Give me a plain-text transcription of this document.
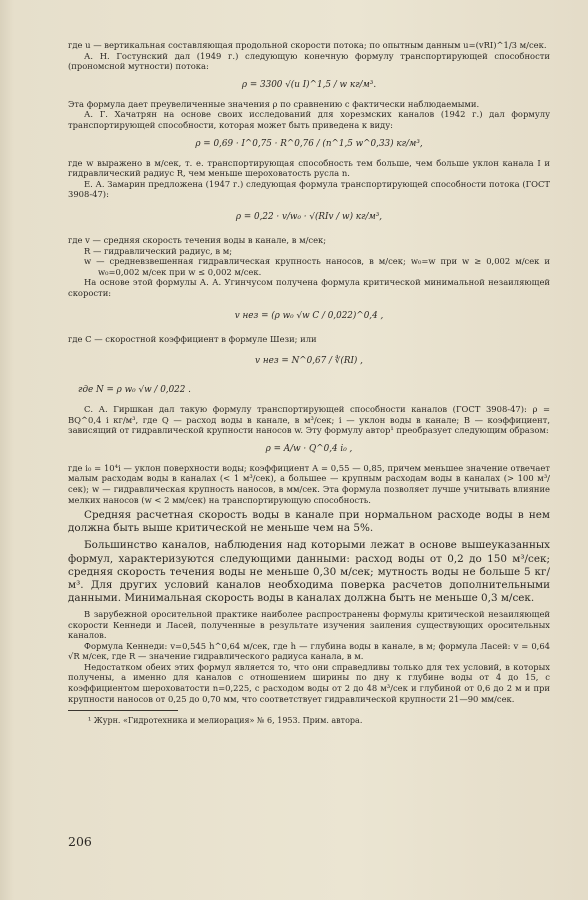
где u — вертикальная составляющая продольной скорости потока; по опытным данным u=(vRI)^1/3 м/сек.

А. Н. Гостунский дал (1949 г.) следующую конечную формулу транспортирующей способности (прономсной мутности) потока:

ρ = 3300 √(u I)^1,5 / w кг/м³.

Эта формула дает преувеличенные значения ρ по сравнению с фактически наблюдаемыми.

А. Г. Хачатрян на основе своих исследований для хорезмских каналов (1942 г.) дал формулу транспортирующей способности, которая может быть приведена к виду:

ρ = 0,69 · I^0,75 · R^0,76 / (n^1,5 w^0,33) кг/м³,

где w выражено в м/сек, т. е. транспортирующая способность тем больше, чем больше уклон канала I и гидравлический радиус R, чем меньше шероховатость русла n.

Е. А. Замарин предложена (1947 г.) следующая формула транспортирующей способности потока (ГОСТ 3908-47):

ρ = 0,22 · v/w₀ · √(RIv / w) кг/м³,

где v — средняя скорость течения воды в канале, в м/сек;

R — гидравлический радиус, в м;

w — средневзвешенная гидравлическая крупность наносов, в м/сек; w₀=w при w ≥ 0,002 м/сек и w₀=0,002 м/сек при w ≤ 0,002 м/сек.

На основе этой формулы А. А. Угинчусом получена формула критической минимальной незаиляющей скорости:

v нез = (ρ w₀ √w C / 0,022)^0,4 ,

где C — скоростной коэффициент в формуле Шези; или

v нез = N^0,67 / ∜(RI) ,
где N = ρ w₀ √w / 0,022 .

С. А. Гиршкан дал такую формулу транспортирующей способности каналов (ГОСТ 3908-47): ρ = BQ^0,4 i кг/м³, где Q — расход воды в канале, в м³/сек; i — уклон воды в канале; B — коэффициент, зависящий от гидравлической крупности наносов w. Эту формулу автор¹ преобразует следующим образом:

ρ = A/w · Q^0,4 i₀ ,

где i₀ = 10⁴i — уклон поверхности воды; коэффициент A = 0,55 — 0,85, причем меньшее значение отвечает малым расходам воды в каналах (< 1 м³/сек), а большее — крупным расходам воды в каналах (> 100 м³/сек); w — гидравлическая крупность наносов, в мм/сек. Эта формула позволяет лучше учитывать влияние мелких наносов (w < 2 мм/сек) на транспортирующую способность.

Средняя расчетная скорость воды в канале при нормальном расходе воды в нем должна быть выше критической не меньше чем на 5%.

Большинство каналов, наблюдения над которыми лежат в основе вышеуказанных формул, характеризуются следующими данными: расход воды от 0,2 до 150 м³/сек; средняя скорость течения воды не меньше 0,30 м/сек; мутность воды не больше 5 кг/м³. Для других условий каналов необходима поверка расчетов дополнительными данными. Минимальная скорость воды в каналах должна быть не меньше 0,3 м/сек.

В зарубежной оросительной практике наиболее распространены формулы критической незаиляющей скорости Кеннеди и Ласей, полученные в результате изучения заиления существующих оросительных каналов.

Формула Кеннеди: v=0,545 h^0,64 м/сек, где h — глубина воды в канале, в м; формула Ласей: v = 0,64 √R м/сек, где R — значение гидравлического радиуса канала, в м.

Недостатком обеих этих формул является то, что они справедливы только для тех условий, в которых получены, а именно для каналов с отношением ширины по дну к глубине воды от 4 до 15, с коэффициентом шероховатости n=0,225, с расходом воды от 2 до 48 м³/сек и глубиной от 0,6 до 2 м и при крупности наносов от 0,25 до 0,70 мм, что соответствует гидравлической крупности 21—90 мм/сек.

¹ Журн. «Гидротехника и мелиорация» № 6, 1953. Прим. автора.

206
